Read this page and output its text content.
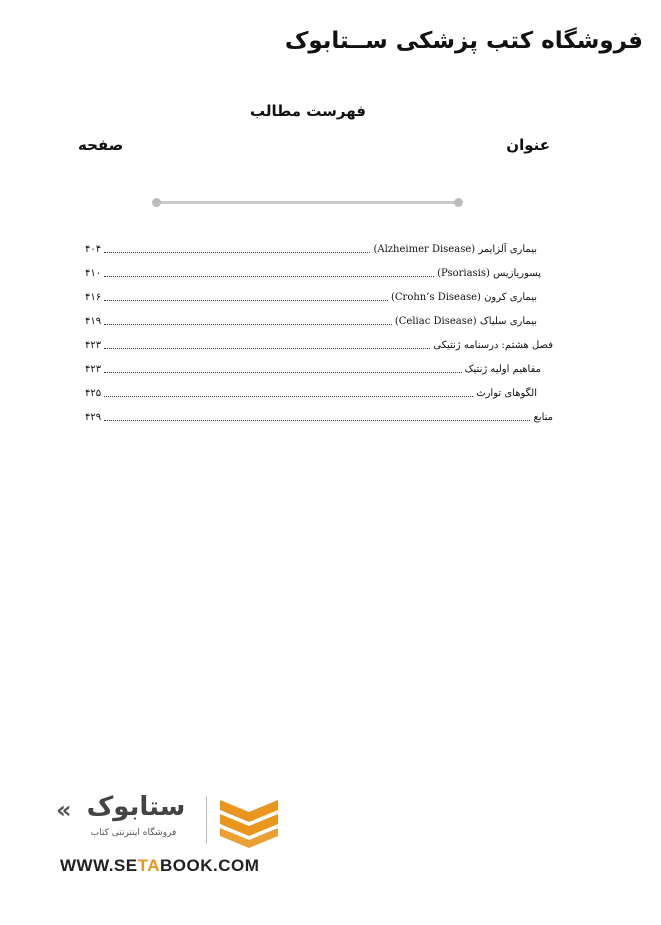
فروشگاه کتب پزشکی ســتابوک
فهرست مطالب
عنوان
صفحه
بیماری آلزایمر (Alzheimer Disease)
۴۰۴
پسوریازیس (Psoriasis)
۴۱۰
بیماری کرون (Crohn’s Disease)
۴۱۶
بیماری سلیاک (Celiac Disease)
۴۱۹
فصل هشتم: درسنامه ژنتیکی
۴۲۳
مفاهیم اولیه ژنتیک
۴۲۳
الگوهای توارث
۴۲۵
منابع
۴۲۹
« ستابوک
فروشگاه اینترنتی کتاب
WWW.SETABOOK.COM
